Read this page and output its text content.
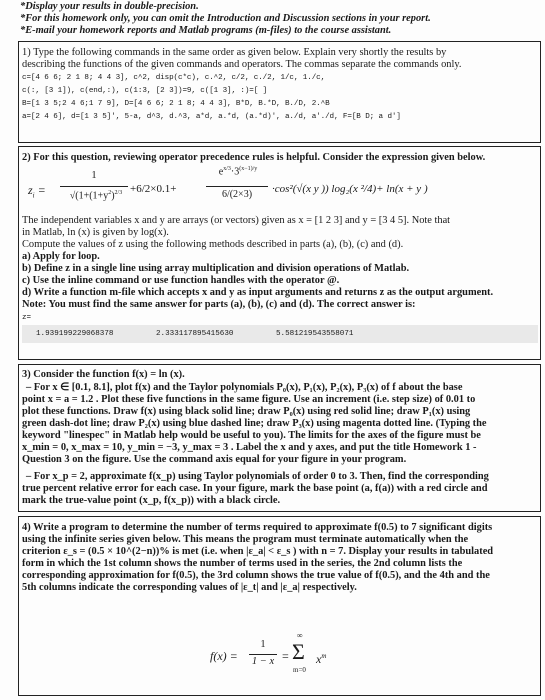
*Display your results in double-precision.
*For this homework only, you can omit the Introduction and Discussion sections in your report.
*E-mail your homework reports and Matlab programs (m-files) to the course assistant.
1) Type the following commands in the same order as given below. Explain very shortly the results by
describing the functions of the given commands and operators. The commas separate the commands only.
c=[4 6 6; 2 1 8; 4 4 3], c^2, disp(c*c), c.^2, c/2, c./2, 1/c, 1./c,
c(:, [3 1]), c(end,:), c(1:3, [2 3])=9, c([1 3], :)=[ ]
B=[1 3 5;2 4 6;1 7 9], D=[4 6 6; 2 1 8; 4 4 3], B*D, B.*D, B./D, 2.^B
a=[2 4 6], d=[1 3 5]', 5-a, d^3, d.^3, a*d, a.*d, (a.*d)', a./d, a'./d, F=[B D; a d']
2) For this question, reviewing operator precedence rules is helpful. Consider the expression given below.
$z_i$ =
1
$√(1+(1+y^2)^{2/3} +6/2\times 0.1+$
$e^{x/3}\cdot 3^{(x-1)/y}$
6/(2×3)	·cos²(√(x y )) log₂(x ²/4)+ ln(x + y )
The independent variables x and y are arrays (or vectors) given as x = [1 2 3] and y = [3 4 5]. Note that
in Matlab, ln (x) is given by log(x).
Compute the values of z using the following methods described in parts (a), (b), (c) and (d).
a) Apply for loop.
b) Define z in a single line using array multiplication and division operations of Matlab.
c) Use the inline command or use function handles with the operator @.
d) Write a function m-file which accepts x and y as input arguments and returns z as the output argument.
Note: You must find the same answer for parts (a), (b), (c) and (d). The correct answer is:
z=
1.939199229068378	2.333117895415630	5.581219543558071
3) Consider the function f(x) = ln (x).
– For x ∈ [0.1, 8.1], plot f(x) and the Taylor polynomials P₀(x), P₁(x), P₂(x), P₃(x) of f about the base
point x = a = 1.2 . Plot these five functions in the same figure. Use an increment (i.e. step size) of 0.01 to
plot these functions. Draw f(x) using black solid line; draw P₀(x) using red solid line; draw P₁(x) using
green dash-dot line; draw P₂(x) using blue dashed line; draw P₃(x) using magenta dotted line. (Typing the
keyword "linespec" in Matlab help would be useful to you). The limits for the axes of the figure must be
x_min = 0, x_max = 10, y_min = −3, y_max = 3 . Label the x and y axes, and put the title Homework 1 -
Question 3 on the figure. Use the command axis equal for your figure in your program.
– For x_p = 2, approximate f(x_p) using Taylor polynomials of order 0 to 3. Then, find the corresponding
true percent relative error for each case. In your figure, mark the base point (a, f(a)) with a red circle and
mark the true-value point (x_p, f(x_p)) with a black circle.
4) Write a program to determine the number of terms required to approximate f(0.5) to 7 significant digits
using the infinite series given below. This means the program must terminate automatically when the
criterion ε_s = (0.5 × 10^(2−n))% is met (i.e. when |ε_a| < ε_s ) with n = 7. Display your results in tabulated
form in which the 1st column shows the number of terms used in the series, the 2nd column lists the
corresponding approximation for f(0.5), the 3rd column shows the true value of f(0.5), and the 4th and the
5th columns indicate the corresponding values of |ε_t| and |ε_a| respectively.
f(x) =
1
1 − x =
∞
Σ
m=0
$x^m$
